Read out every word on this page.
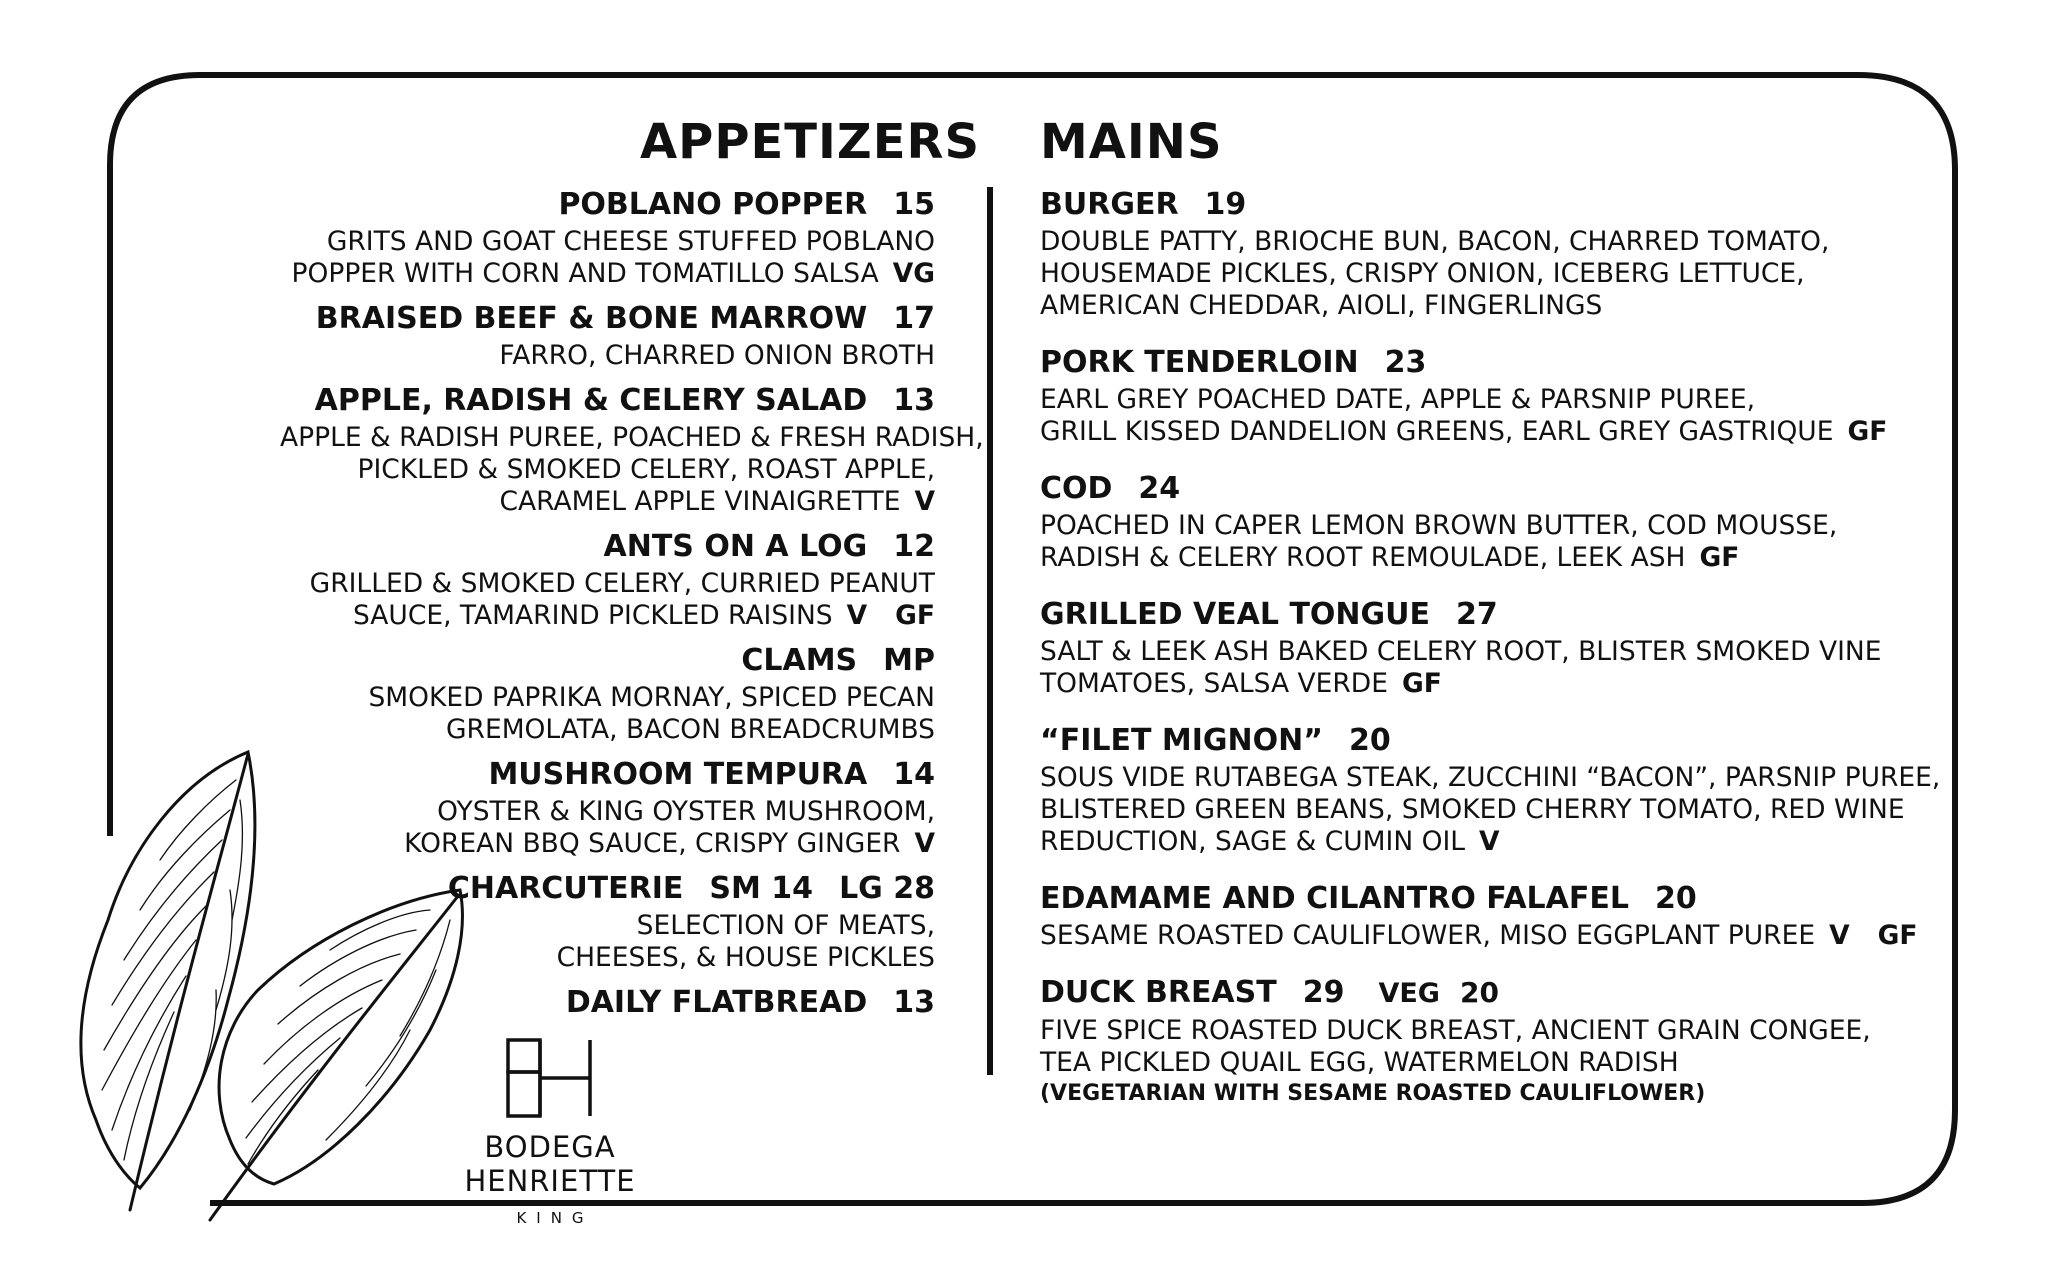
APPETIZERS MAINS
POBLANO POPPER 15
GRITS AND GOAT CHEESE STUFFED POBLANO
POPPER WITH CORN AND TOMATILLO SALSA VG
BRAISED BEEF & BONE MARROW 17
FARRO, CHARRED ONION BROTH
APPLE, RADISH & CELERY SALAD 13
APPLE & RADISH PUREE, POACHED & FRESH RADISH,
PICKLED & SMOKED CELERY, ROAST APPLE,
CARAMEL APPLE VINAIGRETTE V
ANTS ON A LOG 12
GRILLED & SMOKED CELERY, CURRIED PEANUT
SAUCE, TAMARIND PICKLED RAISINS V GF
CLAMS MP
SMOKED PAPRIKA MORNAY, SPICED PECAN
GREMOLATA, BACON BREADCRUMBS
MUSHROOM TEMPURA 14
OYSTER & KING OYSTER MUSHROOM,
KOREAN BBQ SAUCE, CRISPY GINGER V
CHARCUTERIE SM 14 LG 28
SELECTION OF MEATS,
CHEESES, & HOUSE PICKLES
DAILY FLATBREAD 13
BURGER 19
DOUBLE PATTY, BRIOCHE BUN, BACON, CHARRED TOMATO,
HOUSEMADE PICKLES, CRISPY ONION, ICEBERG LETTUCE,
AMERICAN CHEDDAR, AIOLI, FINGERLINGS
PORK TENDERLOIN 23
EARL GREY POACHED DATE, APPLE & PARSNIP PUREE,
GRILL KISSED DANDELION GREENS, EARL GREY GASTRIQUE GF
COD 24
POACHED IN CAPER LEMON BROWN BUTTER, COD MOUSSE,
RADISH & CELERY ROOT REMOULADE, LEEK ASH GF
GRILLED VEAL TONGUE 27
SALT & LEEK ASH BAKED CELERY ROOT, BLISTER SMOKED VINE
TOMATOES, SALSA VERDE GF
“FILET MIGNON” 20
SOUS VIDE RUTABEGA STEAK, ZUCCHINI “BACON”, PARSNIP PUREE,
BLISTERED GREEN BEANS, SMOKED CHERRY TOMATO, RED WINE
REDUCTION, SAGE & CUMIN OIL V
EDAMAME AND CILANTRO FALAFEL 20
SESAME ROASTED CAULIFLOWER, MISO EGGPLANT PUREE V GF
DUCK BREAST 29 VEG 20
FIVE SPICE ROASTED DUCK BREAST, ANCIENT GRAIN CONGEE,
TEA PICKLED QUAIL EGG, WATERMELON RADISH
(VEGETARIAN WITH SESAME ROASTED CAULIFLOWER)
BODEGA HENRIETTE
KING
